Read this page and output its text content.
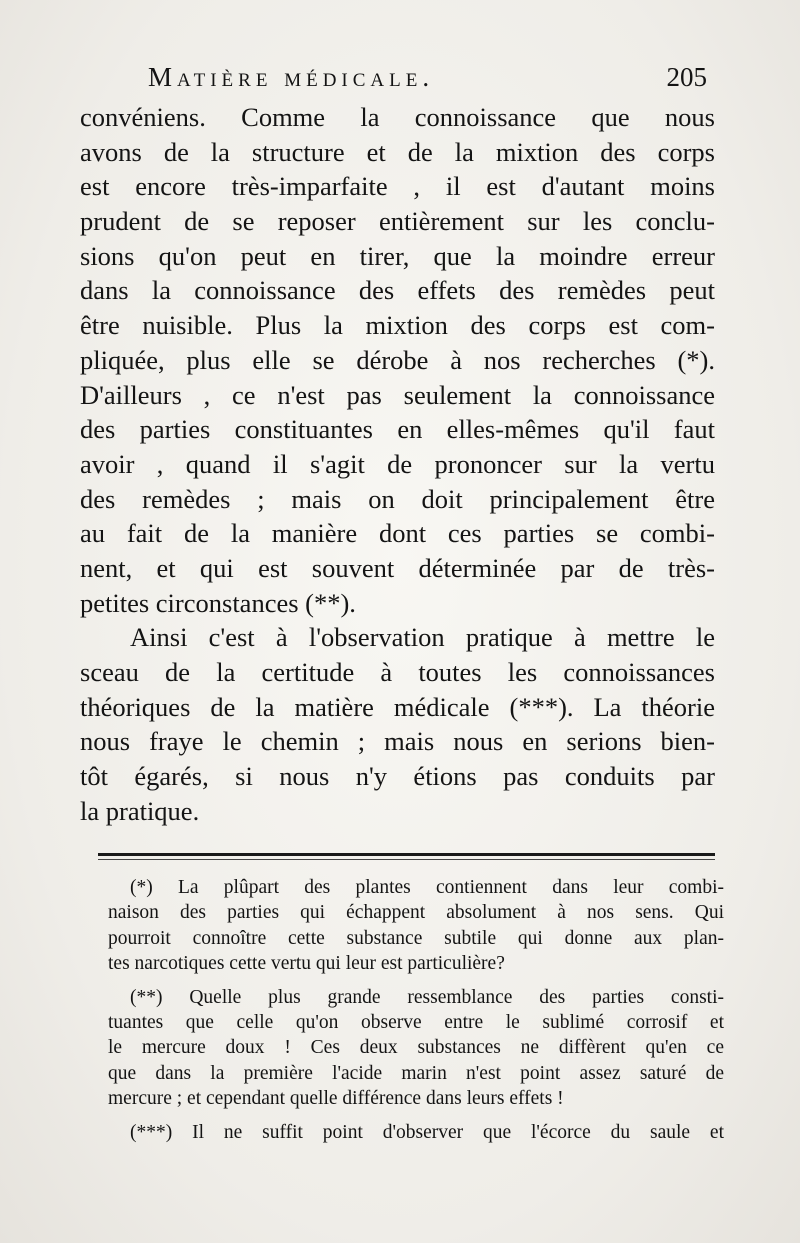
Matière médicale.	205
convéniens. Comme la connoissance que nous
avons de la structure et de la mixtion des corps
est encore très-imparfaite , il est d'autant moins
prudent de se reposer entièrement sur les conclu-
sions qu'on peut en tirer, que la moindre erreur
dans la connoissance des effets des remèdes peut
être nuisible. Plus la mixtion des corps est com-
pliquée, plus elle se dérobe à nos recherches (*).
D'ailleurs , ce n'est pas seulement la connoissance
des parties constituantes en elles-mêmes qu'il faut
avoir , quand il s'agit de prononcer sur la vertu
des remèdes ; mais on doit principalement être
au fait de la manière dont ces parties se combi-
nent, et qui est souvent déterminée par de très-
petites circonstances (**).
Ainsi c'est à l'observation pratique à mettre le
sceau de la certitude à toutes les connoissances
théoriques de la matière médicale (***). La théorie
nous fraye le chemin ; mais nous en serions bien-
tôt égarés, si nous n'y étions pas conduits par
la pratique.
(*) La plûpart des plantes contiennent dans leur combi-
naison des parties qui échappent absolument à nos sens. Qui
pourroit connoître cette substance subtile qui donne aux plan-
tes narcotiques cette vertu qui leur est particulière?
(**) Quelle plus grande ressemblance des parties consti-
tuantes que celle qu'on observe entre le sublimé corrosif et
le mercure doux ! Ces deux substances ne diffèrent qu'en ce
que dans la première l'acide marin n'est point assez saturé de
mercure ; et cependant quelle différence dans leurs effets !
(***) Il ne suffit point d'observer que l'écorce du saule et
